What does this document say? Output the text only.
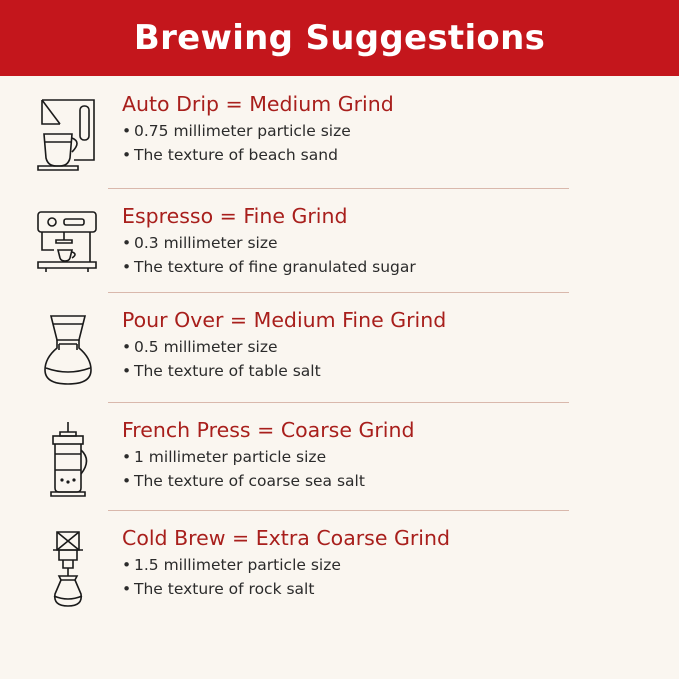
Brewing Suggestions
Auto Drip = Medium Grind
• 0.75 millimeter particle size
• The texture of beach sand
Espresso = Fine Grind
• 0.3 millimeter size
• The texture of fine granulated sugar
Pour Over = Medium Fine Grind
• 0.5 millimeter size
• The texture of table salt
French Press = Coarse Grind
• 1 millimeter particle size
• The texture of coarse sea salt
Cold Brew = Extra Coarse Grind
• 1.5 millimeter particle size
• The texture of rock salt
